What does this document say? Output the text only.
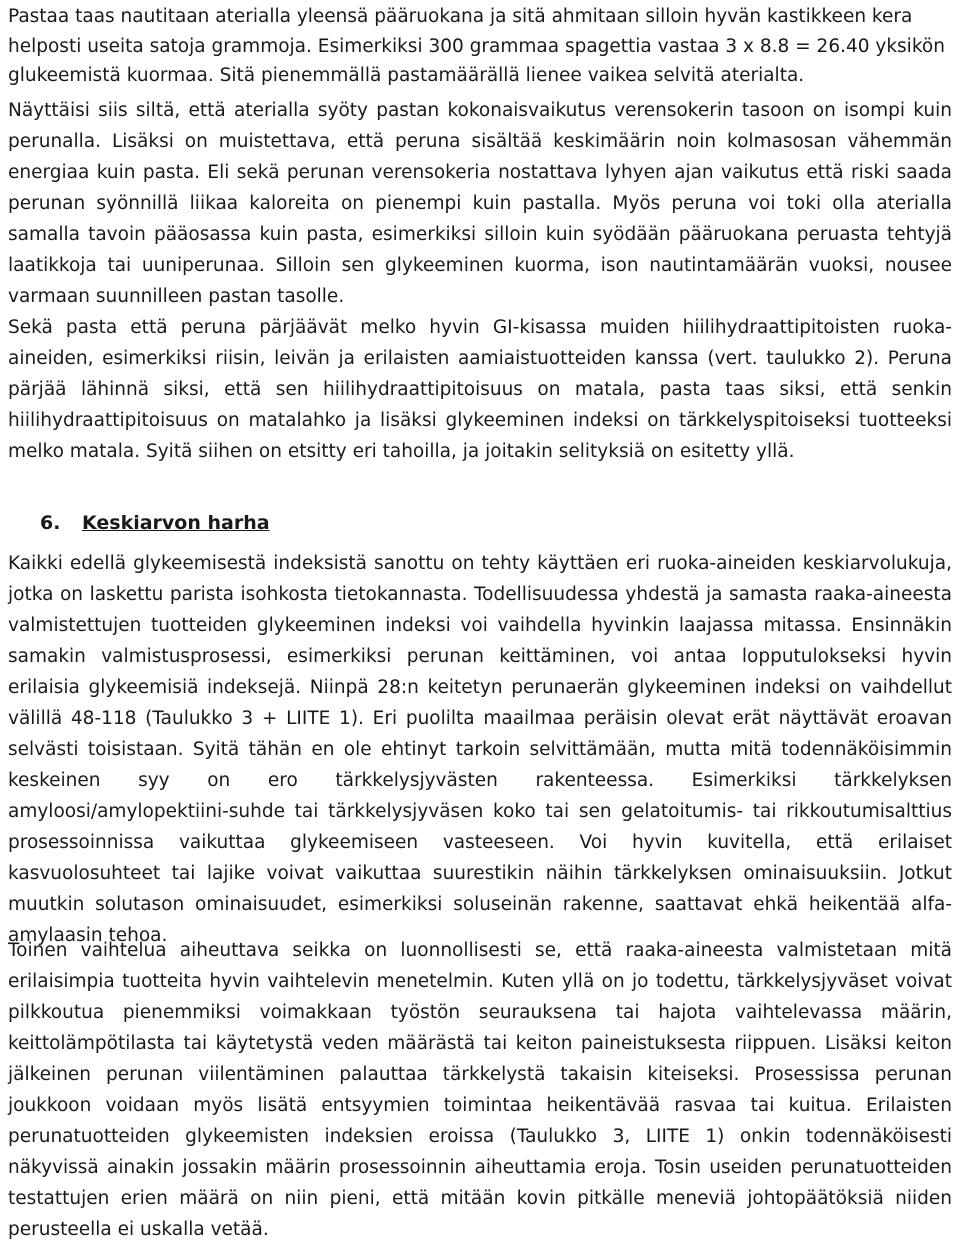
Pastaa taas nautitaan aterialla yleensä pääruokana ja sitä ahmitaan silloin hyvän kastikkeen kera helposti useita satoja grammoja. Esimerkiksi 300 grammaa spagettia vastaa 3 x 8.8 = 26.40 yksikön glukeemistä kuormaa. Sitä pienemmällä pastamäärällä lienee vaikea selvitä aterialta.

Näyttäisi siis siltä, että aterialla syöty pastan kokonaisvaikutus verensokerin tasoon on isompi kuin perunalla. Lisäksi on muistettava, että peruna sisältää keskimäärin noin kolmasosan vähemmän energiaa kuin pasta. Eli sekä perunan verensokeria nostattava lyhyen ajan vaikutus että riski saada perunan syönnillä liikaa kaloreita on pienempi kuin pastalla. Myös peruna voi toki olla aterialla samalla tavoin pääosassa kuin pasta, esimerkiksi silloin kuin syödään pääruokana peruasta tehtyjä laatikkoja tai uuniperunaa. Silloin sen glykeeminen kuorma, ison nautintamäärän vuoksi, nousee varmaan suunnilleen pastan tasolle.

Sekä pasta että peruna pärjäävät melko hyvin GI-kisassa muiden hiilihydraattipitoisten ruoka-aineiden, esimerkiksi riisin, leivän ja erilaisten aamiaistuotteiden kanssa (vert. taulukko 2). Peruna pärjää lähinnä siksi, että sen hiilihydraattipitoisuus on matala, pasta taas siksi, että senkin hiilihydraattipitoisuus on matalahko ja lisäksi glykeeminen indeksi on tärkkelyspitoiseksi tuotteeksi melko matala. Syitä siihen on etsitty eri tahoilla, ja joitakin selityksiä on esitetty yllä.

6. Keskiarvon harha

Kaikki edellä glykeemisestä indeksistä sanottu on tehty käyttäen eri ruoka-aineiden keskiarvolukuja, jotka on laskettu parista isohkosta tietokannasta. Todellisuudessa yhdestä ja samasta raaka-aineesta valmistettujen tuotteiden glykeeminen indeksi voi vaihdella hyvinkin laajassa mitassa. Ensinnäkin samakin valmistusprosessi, esimerkiksi perunan keittäminen, voi antaa lopputulokseksi hyvin erilaisia glykeemisiä indeksejä. Niinpä 28:n keitetyn perunaerän glykeeminen indeksi on vaihdellut välillä 48-118 (Taulukko 3 + LIITE 1). Eri puolilta maailmaa peräisin olevat erät näyttävät eroavan selvästi toisistaan. Syitä tähän en ole ehtinyt tarkoin selvittämään, mutta mitä todennäköisimmin keskeinen syy on ero tärkkelysjyvästen rakenteessa. Esimerkiksi tärkkelyksen amyloosi/amylopektiini-suhde tai tärkkelysjyväsen koko tai sen gelatoitumis- tai rikkoutumisalttius prosessoinnissa vaikuttaa glykeemiseen vasteeseen. Voi hyvin kuvitella, että erilaiset kasvuolosuhteet tai lajike voivat vaikuttaa suurestikin näihin tärkkelyksen ominaisuuksiin. Jotkut muutkin solutason ominaisuudet, esimerkiksi soluseinän rakenne, saattavat ehkä heikentää alfa-amylaasin tehoa.

Toinen vaihtelua aiheuttava seikka on luonnollisesti se, että raaka-aineesta valmistetaan mitä erilaisimpia tuotteita hyvin vaihtelevin menetelmin. Kuten yllä on jo todettu, tärkkelysjyväset voivat pilkkoutua pienemmiksi voimakkaan työstön seurauksena tai hajota vaihtelevassa määrin, keittolämpötilasta tai käytetystä veden määrästä tai keiton paineistuksesta riippuen. Lisäksi keiton jälkeinen perunan viilentäminen palauttaa tärkkelystä takaisin kiteiseksi. Prosessissa perunan joukkoon voidaan myös lisätä entsyymien toimintaa heikentävää rasvaa tai kuitua. Erilaisten perunatuotteiden glykeemisten indeksien eroissa (Taulukko 3, LIITE 1) onkin todennäköisesti näkyvissä ainakin jossakin määrin prosessoinnin aiheuttamia eroja. Tosin useiden perunatuotteiden testattujen erien määrä on niin pieni, että mitään kovin pitkälle meneviä johtopäätöksiä niiden perusteella ei uskalla vetää.
